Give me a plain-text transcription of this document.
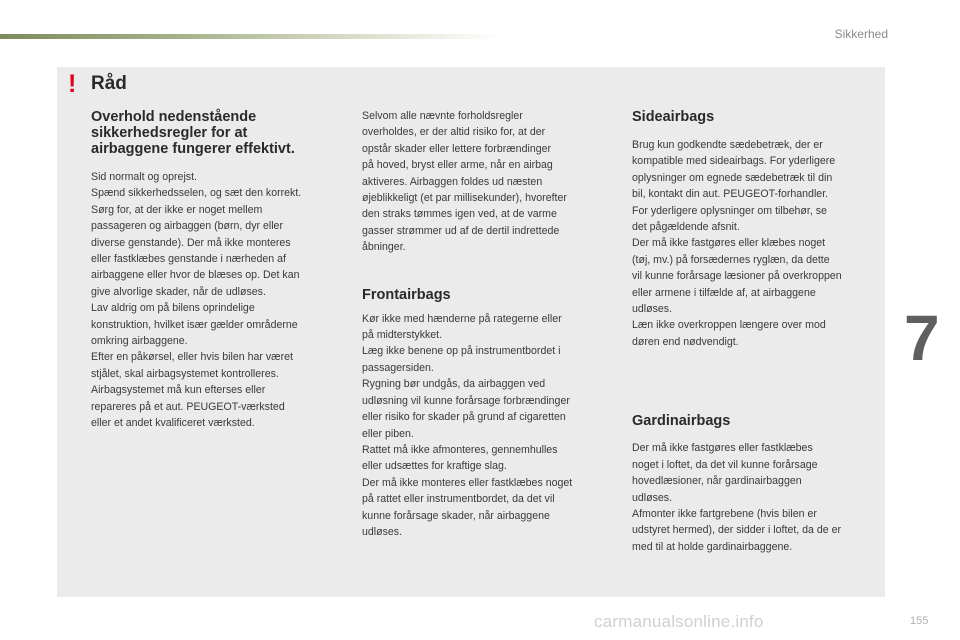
Sikkerhed
! Råd

Overhold nedenstående
sikkerhedsregler for at
airbaggene fungerer effektivt.

Sid normalt og oprejst.
Spænd sikkerhedsselen, og sæt den korrekt.
Sørg for, at der ikke er noget mellem
passageren og airbaggen (børn, dyr eller
diverse genstande). Der må ikke monteres
eller fastklæbes genstande i nærheden af
airbaggene eller hvor de blæses op. Det kan
give alvorlige skader, når de udløses.
Lav aldrig om på bilens oprindelige
konstruktion, hvilket især gælder områderne
omkring airbaggene.
Efter en påkørsel, eller hvis bilen har været
stjålet, skal airbagsystemet kontrolleres.
Airbagsystemet må kun efterses eller
repareres på et aut. PEUGEOT-værksted
eller et andet kvalificeret værksted.

Selvom alle nævnte forholdsregler
overholdes, er der altid risiko for, at der
opstår skader eller lettere forbrændinger
på hoved, bryst eller arme, når en airbag
aktiveres. Airbaggen foldes ud næsten
øjeblikkeligt (et par millisekunder), hvorefter
den straks tømmes igen ved, at de varme
gasser strømmer ud af de dertil indrettede
åbninger.

Frontairbags

Kør ikke med hænderne på rategerne eller
på midterstykket.
Læg ikke benene op på instrumentbordet i
passagersiden.
Rygning bør undgås, da airbaggen ved
udløsning vil kunne forårsage forbrændinger
eller risiko for skader på grund af cigaretten
eller piben.
Rattet må ikke afmonteres, gennemhulles
eller udsættes for kraftige slag.
Der må ikke monteres eller fastklæbes noget
på rattet eller instrumentbordet, da det vil
kunne forårsage skader, når airbaggene
udløses.

Sideairbags

Brug kun godkendte sædebetræk, der er
kompatible med sideairbags. For yderligere
oplysninger om egnede sædebetræk til din
bil, kontakt din aut. PEUGEOT-forhandler.
For yderligere oplysninger om tilbehør, se
det pågældende afsnit.
Der må ikke fastgøres eller klæbes noget
(tøj, mv.) på forsædernes ryglæn, da dette
vil kunne forårsage læsioner på overkroppen
eller armene i tilfælde af, at airbaggene
udløses.
Læn ikke overkroppen længere over mod
døren end nødvendigt.

Gardinairbags

Der må ikke fastgøres eller fastklæbes
noget i loftet, da det vil kunne forårsage
hovedlæsioner, når gardinairbaggen
udløses.
Afmonter ikke fartgrebene (hvis bilen er
udstyret hermed), der sidder i loftet, da de er
med til at holde gardinairbaggene.

7
carmanualsonline.info	155
